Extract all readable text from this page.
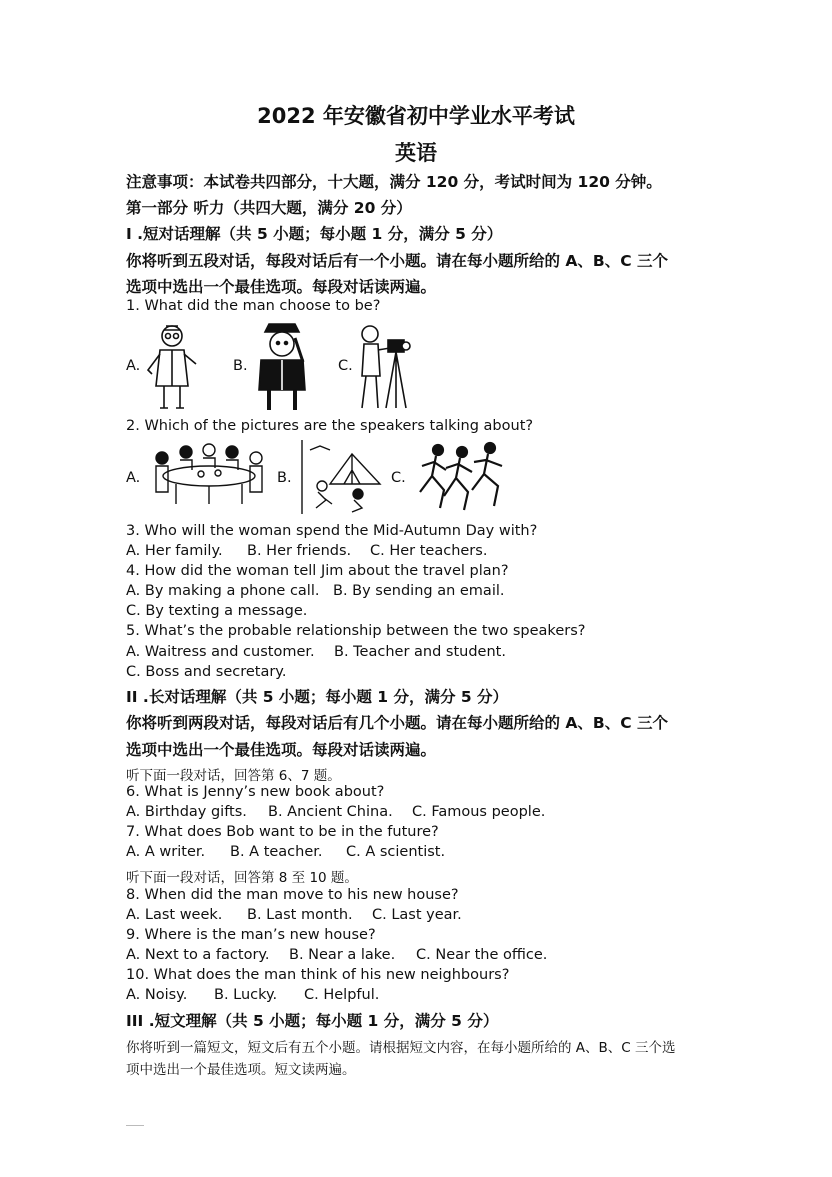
2022 年安徽省初中学业水平考试
英语
注意事项：本试卷共四部分，十大题，满分 120 分，考试时间为 120 分钟。
第一部分 听力（共四大题，满分 20 分）
I .短对话理解（共 5 小题；每小题 1 分，满分 5 分）
你将听到五段对话，每段对话后有一个小题。请在每小题所给的 A、B、C 三个
选项中选出一个最佳选项。每段对话读两遍。
1. What did the man choose to be?
A.	B.	C.
2. Which of the pictures are the speakers talking about?
A.	B.	C.
3. Who will the woman spend the Mid-Autumn Day with?
A. Her family. B. Her friends. C. Her teachers.
4. How did the woman tell Jim about the travel plan?
A. By making a phone call. B. By sending an email.
C. By texting a message.
5. What’s the probable relationship between the two speakers?
A. Waitress and customer. B. Teacher and student.
C. Boss and secretary.
II .长对话理解（共 5 小题；每小题 1 分，满分 5 分）
你将听到两段对话，每段对话后有几个小题。请在每小题所给的 A、B、C 三个
选项中选出一个最佳选项。每段对话读两遍。
听下面一段对话，回答第 6、7 题。
6. What is Jenny’s new book about?
A. Birthday gifts. B. Ancient China. C. Famous people.
7. What does Bob want to be in the future?
A. A writer. B. A teacher. C. A scientist.
听下面一段对话，回答第 8 至 10 题。
8. When did the man move to his new house?
A. Last week. B. Last month. C. Last year.
9. Where is the man’s new house?
A. Next to a factory. B. Near a lake. C. Near the office.
10. What does the man think of his new neighbours?
A. Noisy. B. Lucky. C. Helpful.
III .短文理解（共 5 小题；每小题 1 分，满分 5 分）
你将听到一篇短文，短文后有五个小题。请根据短文内容，在每小题所给的 A、B、C 三个选
项中选出一个最佳选项。短文读两遍。
